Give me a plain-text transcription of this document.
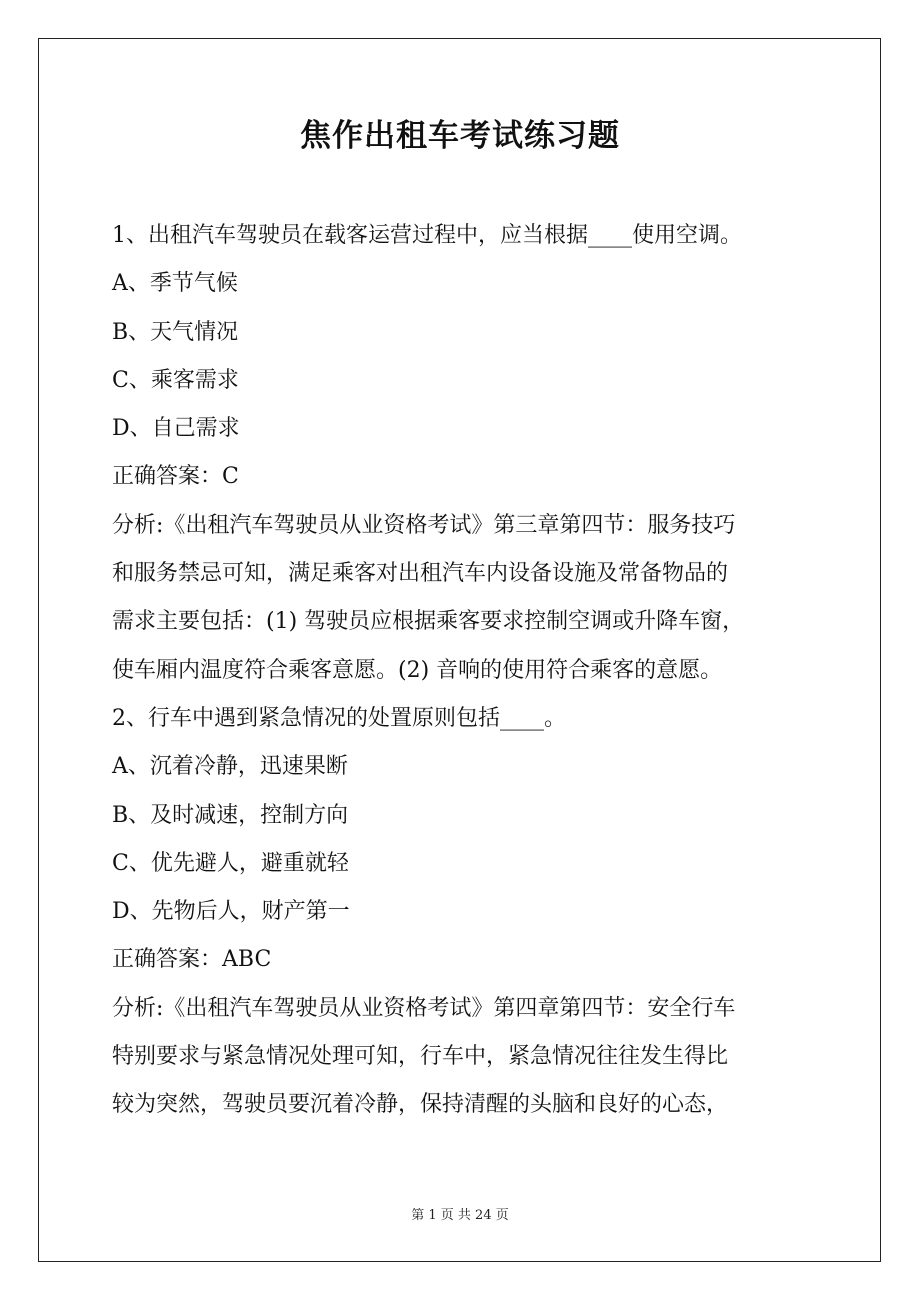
焦作出租车考试练习题
1、出租汽车驾驶员在载客运营过程中，应当根据____使用空调。
A、季节气候
B、天气情况
C、乘客需求
D、自己需求
正确答案：C
分析:《出租汽车驾驶员从业资格考试》第三章第四节：服务技巧
和服务禁忌可知，满足乘客对出租汽车内设备设施及常备物品的
需求主要包括：(1) 驾驶员应根据乘客要求控制空调或升降车窗，
使车厢内温度符合乘客意愿。(2) 音响的使用符合乘客的意愿。
2、行车中遇到紧急情况的处置原则包括____。
A、沉着冷静，迅速果断
B、及时减速，控制方向
C、优先避人，避重就轻
D、先物后人，财产第一
正确答案：ABC
分析:《出租汽车驾驶员从业资格考试》第四章第四节：安全行车
特别要求与紧急情况处理可知，行车中，紧急情况往往发生得比
较为突然，驾驶员要沉着冷静，保持清醒的头脑和良好的心态，
第 1 页 共 24 页
